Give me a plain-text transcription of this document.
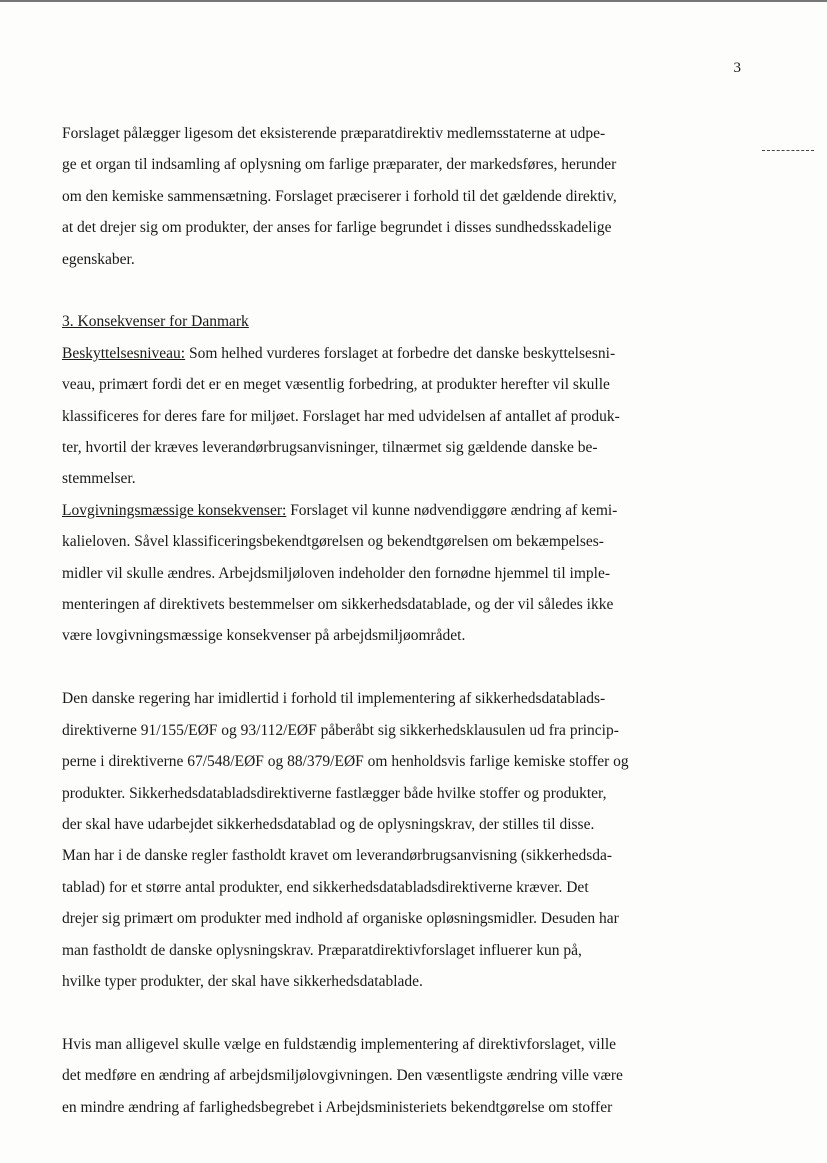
3
Forslaget pålægger ligesom det eksisterende præparatdirektiv medlemsstaterne at udpe-
ge et organ til indsamling af oplysning om farlige præparater, der markedsføres, herunder
om den kemiske sammensætning. Forslaget præciserer i forhold til det gældende direktiv,
at det drejer sig om produkter, der anses for farlige begrundet i disses sundhedsskadelige
egenskaber.
3. Konsekvenser for Danmark
Beskyttelsesniveau: Som helhed vurderes forslaget at forbedre det danske beskyttelsesni-
veau, primært fordi det er en meget væsentlig forbedring, at produkter herefter vil skulle
klassificeres for deres fare for miljøet. Forslaget har med udvidelsen af antallet af produk-
ter, hvortil der kræves leverandørbrugsanvisninger, tilnærmet sig gældende danske be-
stemmelser.
Lovgivningsmæssige konsekvenser: Forslaget vil kunne nødvendiggøre ændring af kemi-
kalieloven. Såvel klassificeringsbekendtgørelsen og bekendtgørelsen om bekæmpelses-
midler vil skulle ændres. Arbejdsmiljøloven indeholder den fornødne hjemmel til imple-
menteringen af direktivets bestemmelser om sikkerhedsdatablade, og der vil således ikke
være lovgivningsmæssige konsekvenser på arbejdsmiljøområdet.
Den danske regering har imidlertid i forhold til implementering af sikkerhedsdatablads-
direktiverne 91/155/EØF og 93/112/EØF påberåbt sig sikkerhedsklausulen ud fra princip-
perne i direktiverne 67/548/EØF og 88/379/EØF om henholdsvis farlige kemiske stoffer og
produkter. Sikkerhedsdatabladsdirektiverne fastlægger både hvilke stoffer og produkter,
der skal have udarbejdet sikkerhedsdatablad og de oplysningskrav, der stilles til disse.
Man har i de danske regler fastholdt kravet om leverandørbrugsanvisning (sikkerhedsda-
tablad) for et større antal produkter, end sikkerhedsdatabladsdirektiverne kræver. Det
drejer sig primært om produkter med indhold af organiske opløsningsmidler. Desuden har
man fastholdt de danske oplysningskrav. Præparatdirektivforslaget influerer kun på,
hvilke typer produkter, der skal have sikkerhedsdatablade.
Hvis man alligevel skulle vælge en fuldstændig implementering af direktivforslaget, ville
det medføre en ændring af arbejdsmiljølovgivningen. Den væsentligste ændring ville være
en mindre ændring af farlighedsbegrebet i Arbejdsministeriets bekendtgørelse om stoffer
